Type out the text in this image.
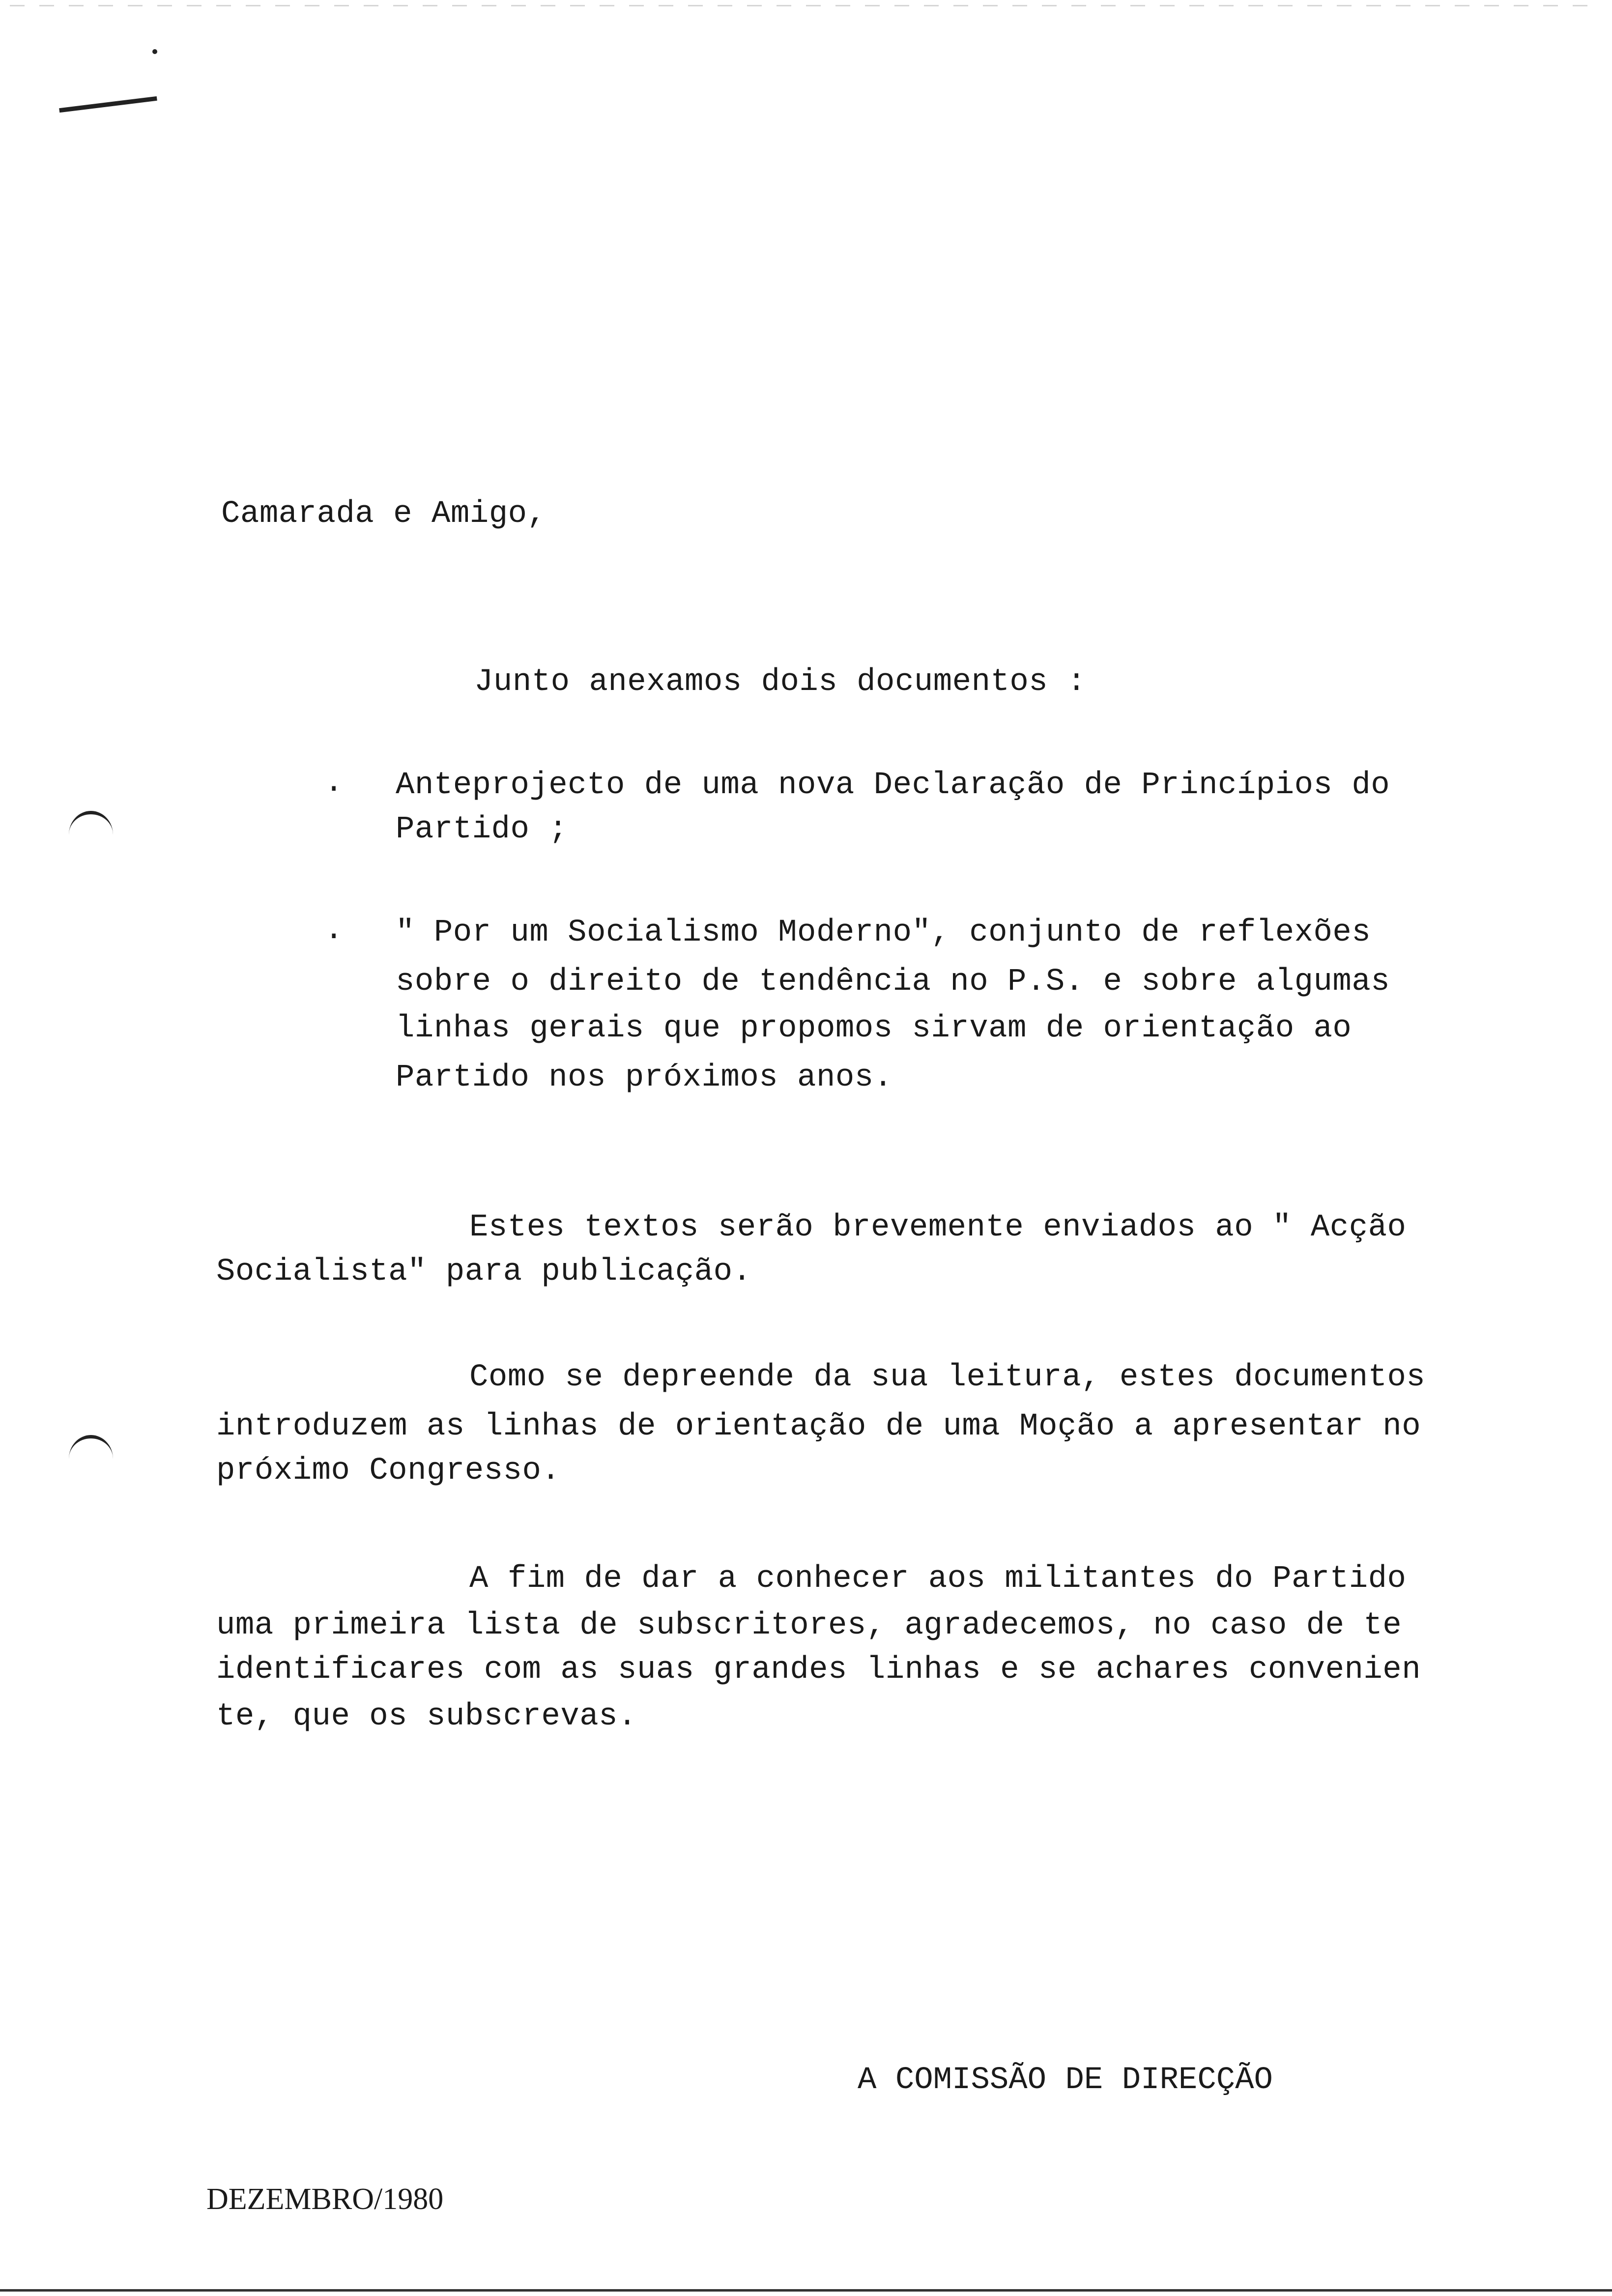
Camarada e Amigo,
Junto anexamos dois documentos :
. Anteprojecto de uma nova Declaração de Princípios do
Partido ;
. " Por um Socialismo Moderno", conjunto de reflexões
sobre o direito de tendência no P.S. e sobre algumas
linhas gerais que propomos sirvam de orientação ao
Partido nos próximos anos.
Estes textos serão brevemente enviados ao " Acção
Socialista" para publicação.
Como se depreende da sua leitura, estes documentos
introduzem as linhas de orientação de uma Moção a apresentar no
próximo Congresso.
A fim de dar a conhecer aos militantes do Partido
uma primeira lista de subscritores, agradecemos, no caso de te
identificares com as suas grandes linhas e se achares convenien
te, que os subscrevas.
A COMISSÃO DE DIRECÇÃO
DEZEMBRO/1980
